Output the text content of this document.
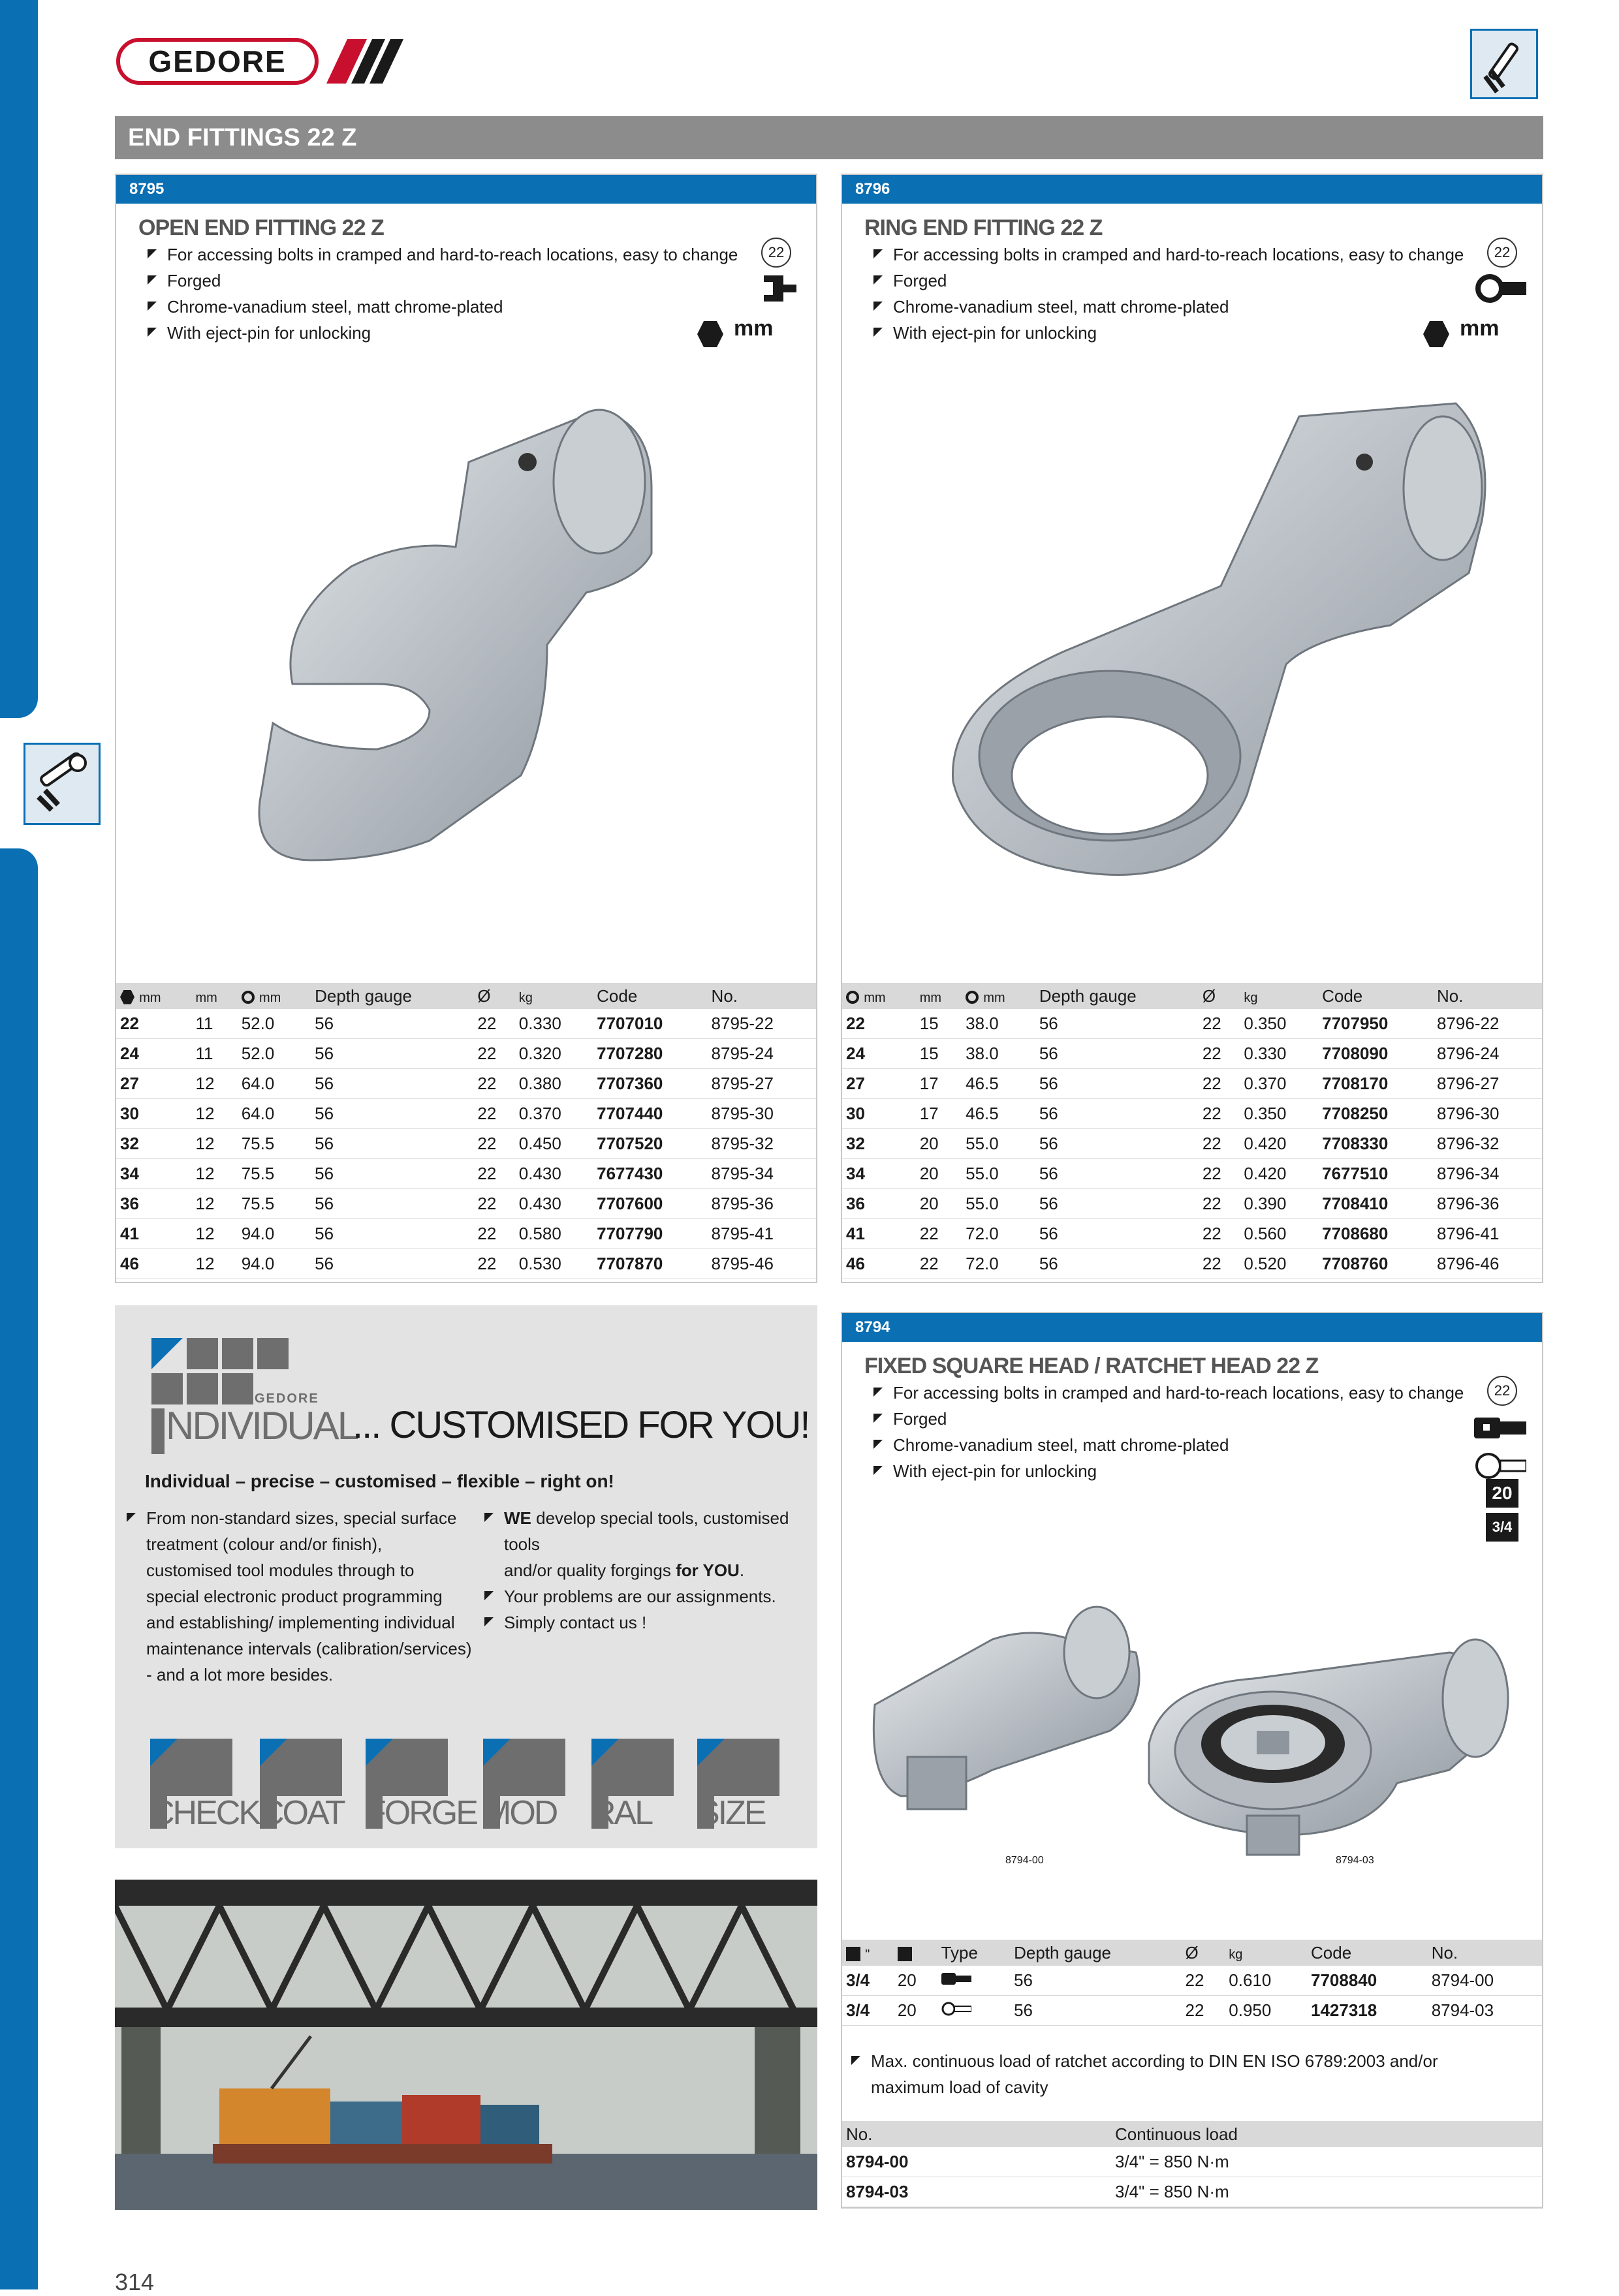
GEDORE
END FITTINGS 22 Z
8795
OPEN END FITTING 22 Z
For accessing bolts in cramped and hard-to-reach locations, easy to change
Forged
Chrome-vanadium steel, matt chrome-plated
With eject-pin for unlocking
22
mm
mm	mm	mm	Depth gauge	Ø	kg	Code	No.
22	11	52.0	56	22	0.330	7707010	8795-22
24	11	52.0	56	22	0.320	7707280	8795-24
27	12	64.0	56	22	0.380	7707360	8795-27
30	12	64.0	56	22	0.370	7707440	8795-30
32	12	75.5	56	22	0.450	7707520	8795-32
34	12	75.5	56	22	0.430	7677430	8795-34
36	12	75.5	56	22	0.430	7707600	8795-36
41	12	94.0	56	22	0.580	7707790	8795-41
46	12	94.0	56	22	0.530	7707870	8795-46
8796
RING END FITTING 22 Z
For accessing bolts in cramped and hard-to-reach locations, easy to change
Forged
Chrome-vanadium steel, matt chrome-plated
With eject-pin for unlocking
22
mm
mm	mm	mm	Depth gauge	Ø	kg	Code	No.
22	15	38.0	56	22	0.350	7707950	8796-22
24	15	38.0	56	22	0.330	7708090	8796-24
27	17	46.5	56	22	0.370	7708170	8796-27
30	17	46.5	56	22	0.350	7708250	8796-30
32	20	55.0	56	22	0.420	7708330	8796-32
34	20	55.0	56	22	0.420	7677510	8796-34
36	20	55.0	56	22	0.390	7708410	8796-36
41	22	72.0	56	22	0.560	7708680	8796-41
46	22	72.0	56	22	0.520	7708760	8796-46
GEDORE
NDIVIDUAL
... CUSTOMISED FOR YOU!
Individual – precise – customised – flexible – right on!
From non-standard sizes, special surface
treatment (colour and/or finish),
customised tool modules through to
special electronic product programming
and establishing/ implementing individual
maintenance intervals (calibration/services)
- and a lot more besides.
WE develop special tools, customised tools
and/or quality forgings for YOU.
Your problems are our assignments.
Simply contact us !
CHECK COAT FORGE MOD RAL SIZE
8794
FIXED SQUARE HEAD / RATCHET HEAD 22 Z
For accessing bolts in cramped and hard-to-reach locations, easy to change
Forged
Chrome-vanadium steel, matt chrome-plated
With eject-pin for unlocking
22
20
3/4
8794-00	8794-03
"		Type	Depth gauge	Ø	kg	Code	No.
3/4	20		56	22	0.610	7708840	8794-00
3/4	20		56	22	0.950	1427318	8794-03
Max. continuous load of ratchet according to DIN EN ISO 6789:2003 and/or
maximum load of cavity
No.	Continuous load
8794-00	3/4" = 850 N·m
8794-03	3/4" = 850 N·m
314
